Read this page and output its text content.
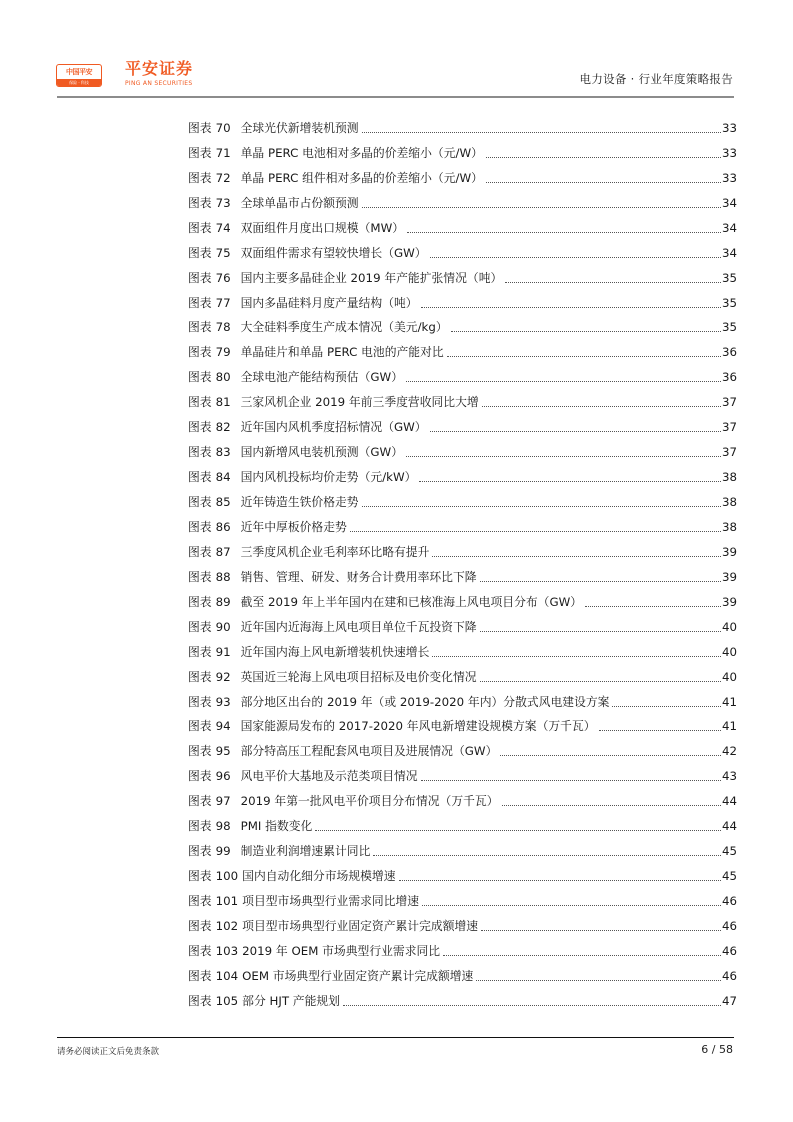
中国平安
保险 · 科技
平安证券
PING AN SECURITIES	电力设备 · 行业年度策略报告
图表 70 全球光伏新增装机预测	33
图表 71 单晶 PERC 电池相对多晶的价差缩小（元/W）	33
图表 72 单晶 PERC 组件相对多晶的价差缩小（元/W）	33
图表 73 全球单晶市占份额预测	34
图表 74 双面组件月度出口规模（MW）	34
图表 75 双面组件需求有望较快增长（GW）	34
图表 76 国内主要多晶硅企业 2019 年产能扩张情况（吨）	35
图表 77 国内多晶硅料月度产量结构（吨）	35
图表 78 大全硅料季度生产成本情况（美元/kg）	35
图表 79 单晶硅片和单晶 PERC 电池的产能对比	36
图表 80 全球电池产能结构预估（GW）	36
图表 81 三家风机企业 2019 年前三季度营收同比大增	37
图表 82 近年国内风机季度招标情况（GW）	37
图表 83 国内新增风电装机预测（GW）	37
图表 84 国内风机投标均价走势（元/kW）	38
图表 85 近年铸造生铁价格走势	38
图表 86 近年中厚板价格走势	38
图表 87 三季度风机企业毛利率环比略有提升	39
图表 88 销售、管理、研发、财务合计费用率环比下降	39
图表 89 截至 2019 年上半年国内在建和已核准海上风电项目分布（GW）	39
图表 90 近年国内近海海上风电项目单位千瓦投资下降	40
图表 91 近年国内海上风电新增装机快速增长	40
图表 92 英国近三轮海上风电项目招标及电价变化情况	40
图表 93 部分地区出台的 2019 年（或 2019-2020 年内）分散式风电建设方案	41
图表 94 国家能源局发布的 2017-2020 年风电新增建设规模方案（万千瓦）	41
图表 95 部分特高压工程配套风电项目及进展情况（GW）	42
图表 96 风电平价大基地及示范类项目情况	43
图表 97 2019 年第一批风电平价项目分布情况（万千瓦）	44
图表 98 PMI 指数变化	44
图表 99 制造业利润增速累计同比	45
图表 100 国内自动化细分市场规模增速	45
图表 101 项目型市场典型行业需求同比增速	46
图表 102 项目型市场典型行业固定资产累计完成额增速	46
图表 103 2019 年 OEM 市场典型行业需求同比	46
图表 104 OEM 市场典型行业固定资产累计完成额增速	46
图表 105 部分 HJT 产能规划	47
请务必阅读正文后免责条款	6 / 58
